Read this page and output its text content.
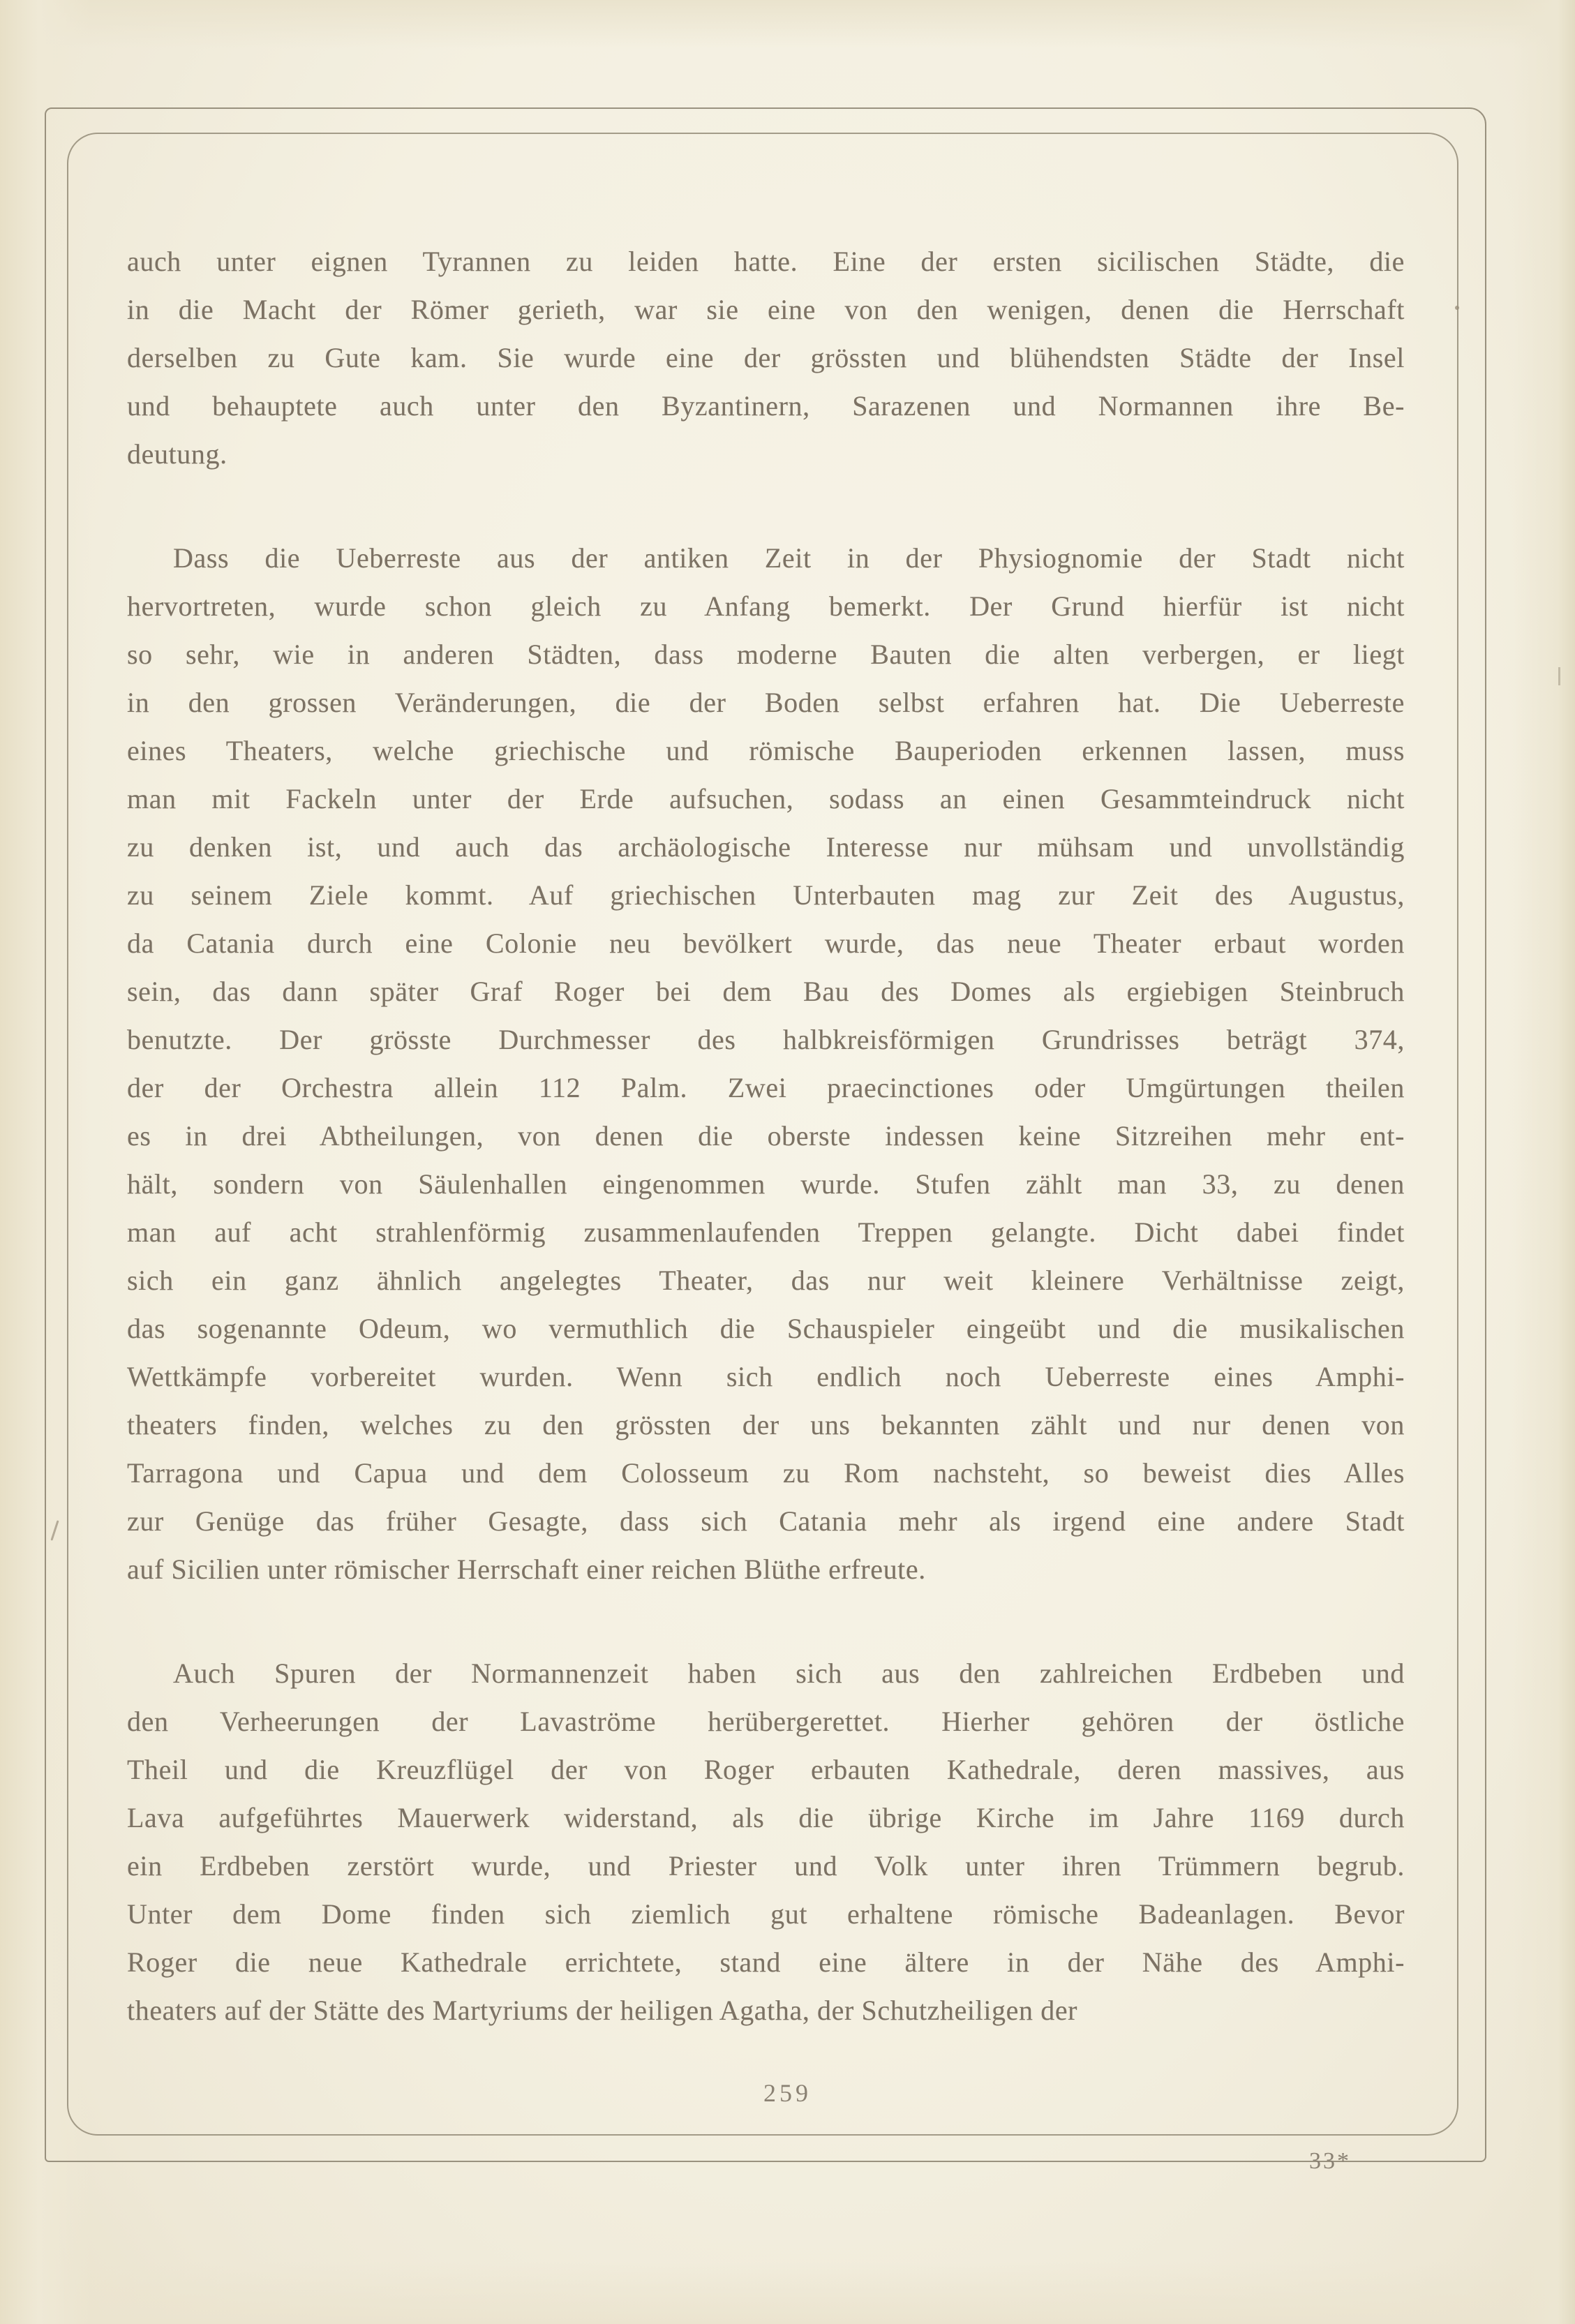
auch unter eignen Tyrannen zu leiden hatte. Eine der ersten sicilischen Städte, die
in die Macht der Römer gerieth, war sie eine von den wenigen, denen die Herrschaft
derselben zu Gute kam. Sie wurde eine der grössten und blühendsten Städte der Insel
und behauptete auch unter den Byzantinern, Sarazenen und Normannen ihre Be-
deutung.
Dass die Ueberreste aus der antiken Zeit in der Physiognomie der Stadt nicht
hervortreten, wurde schon gleich zu Anfang bemerkt. Der Grund hierfür ist nicht
so sehr, wie in anderen Städten, dass moderne Bauten die alten verbergen, er liegt
in den grossen Veränderungen, die der Boden selbst erfahren hat. Die Ueberreste
eines Theaters, welche griechische und römische Bauperioden erkennen lassen, muss
man mit Fackeln unter der Erde aufsuchen, sodass an einen Gesammteindruck nicht
zu denken ist, und auch das archäologische Interesse nur mühsam und unvollständig
zu seinem Ziele kommt. Auf griechischen Unterbauten mag zur Zeit des Augustus,
da Catania durch eine Colonie neu bevölkert wurde, das neue Theater erbaut worden
sein, das dann später Graf Roger bei dem Bau des Domes als ergiebigen Steinbruch
benutzte. Der grösste Durchmesser des halbkreisförmigen Grundrisses beträgt 374,
der der Orchestra allein 112 Palm. Zwei praecinctiones oder Umgürtungen theilen
es in drei Abtheilungen, von denen die oberste indessen keine Sitzreihen mehr ent-
hält, sondern von Säulenhallen eingenommen wurde. Stufen zählt man 33, zu denen
man auf acht strahlenförmig zusammenlaufenden Treppen gelangte. Dicht dabei findet
sich ein ganz ähnlich angelegtes Theater, das nur weit kleinere Verhältnisse zeigt,
das sogenannte Odeum, wo vermuthlich die Schauspieler eingeübt und die musikalischen
Wettkämpfe vorbereitet wurden. Wenn sich endlich noch Ueberreste eines Amphi-
theaters finden, welches zu den grössten der uns bekannten zählt und nur denen von
Tarragona und Capua und dem Colosseum zu Rom nachsteht, so beweist dies Alles
zur Genüge das früher Gesagte, dass sich Catania mehr als irgend eine andere Stadt
auf Sicilien unter römischer Herrschaft einer reichen Blüthe erfreute.
Auch Spuren der Normannenzeit haben sich aus den zahlreichen Erdbeben und
den Verheerungen der Lavaströme herübergerettet. Hierher gehören der östliche
Theil und die Kreuzflügel der von Roger erbauten Kathedrale, deren massives, aus
Lava aufgeführtes Mauerwerk widerstand, als die übrige Kirche im Jahre 1169 durch
ein Erdbeben zerstört wurde, und Priester und Volk unter ihren Trümmern begrub.
Unter dem Dome finden sich ziemlich gut erhaltene römische Badeanlagen. Bevor
Roger die neue Kathedrale errichtete, stand eine ältere in der Nähe des Amphi-
theaters auf der Stätte des Martyriums der heiligen Agatha, der Schutzheiligen der
259
33*
